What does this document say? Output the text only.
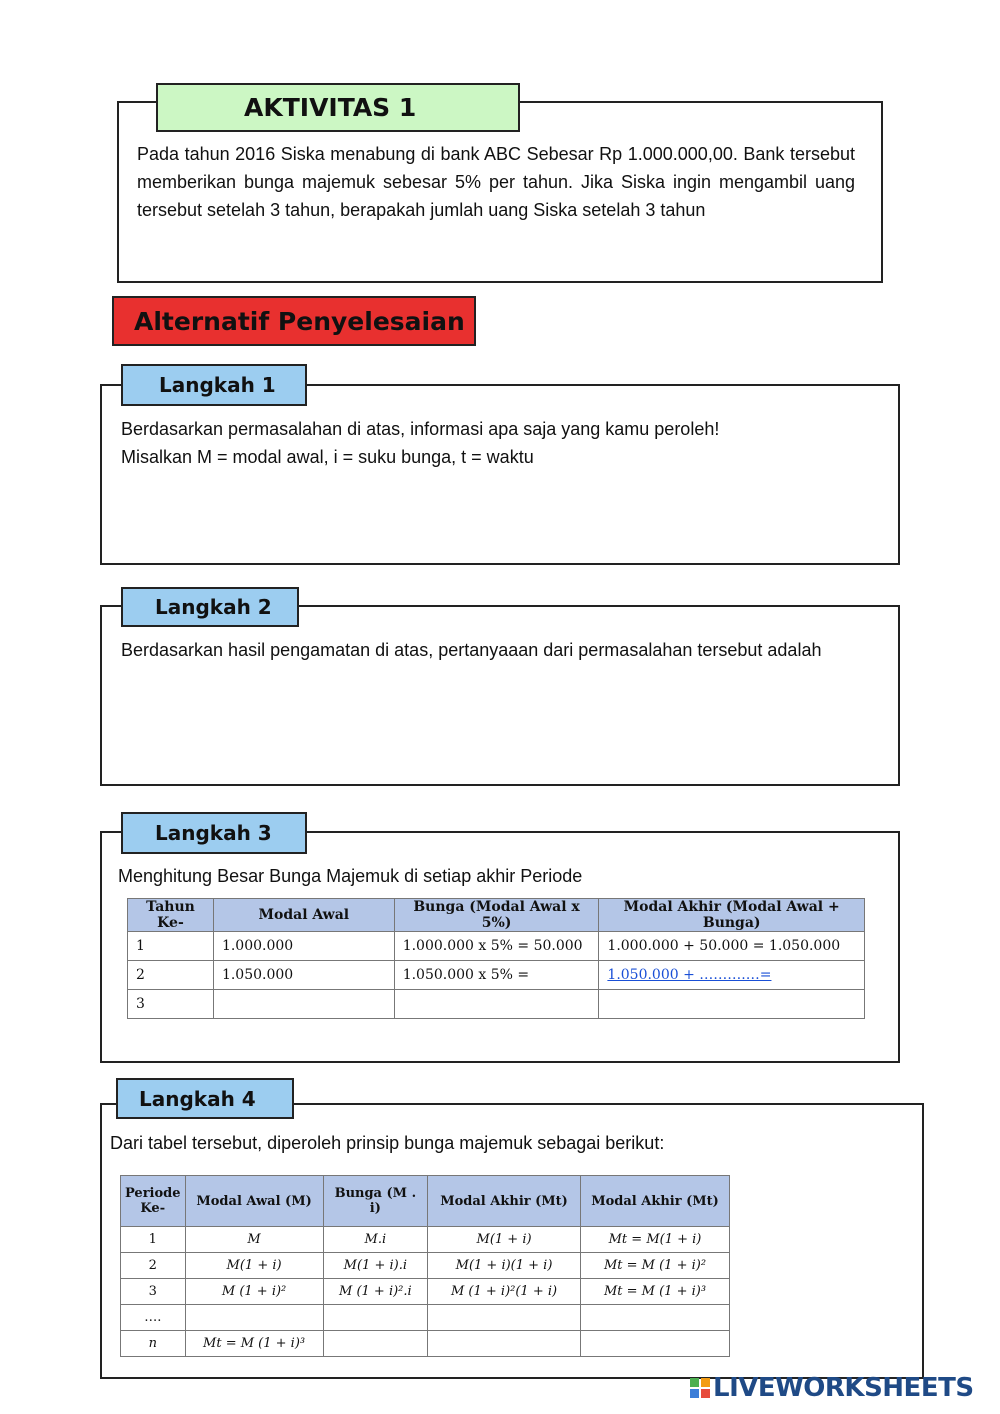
AKTIVITAS 1
Pada tahun 2016 Siska menabung di bank ABC Sebesar Rp 1.000.000,00. Bank tersebut memberikan bunga majemuk sebesar 5% per tahun. Jika Siska ingin mengambil uang tersebut setelah 3 tahun, berapakah jumlah uang Siska setelah 3 tahun
Alternatif Penyelesaian
Langkah 1
Berdasarkan permasalahan di atas, informasi apa saja yang kamu peroleh!
Misalkan M = modal awal, i = suku bunga, t = waktu
Langkah 2
Berdasarkan hasil pengamatan di atas, pertanyaaan dari permasalahan tersebut adalah
Langkah 3
Menghitung Besar Bunga Majemuk di setiap akhir Periode
Tahun Ke-	Modal Awal	Bunga (Modal Awal x 5%)	Modal Akhir (Modal Awal + Bunga)
1	1.000.000	1.000.000 x 5% = 50.000	1.000.000 + 50.000 = 1.050.000
2	1.050.000	1.050.000 x 5% =	1.050.000 + ……….…=
3			
Langkah 4
Dari tabel tersebut, diperoleh prinsip bunga majemuk sebagai berikut:
Periode Ke-	Modal Awal (M)	Bunga (M . i)	Modal Akhir (Mt)	Modal Akhir (Mt)
1	M	M.i	M(1 + i)	Mt = M(1 + i)
2	M(1 + i)	M(1 + i).i	M(1 + i)(1 + i)	Mt = M (1 + i)²
3	M (1 + i)²	M (1 + i)².i	M (1 + i)²(1 + i)	Mt = M (1 + i)³
….				
n	Mt = M (1 + i)³			
LIVEWORKSHEETS
